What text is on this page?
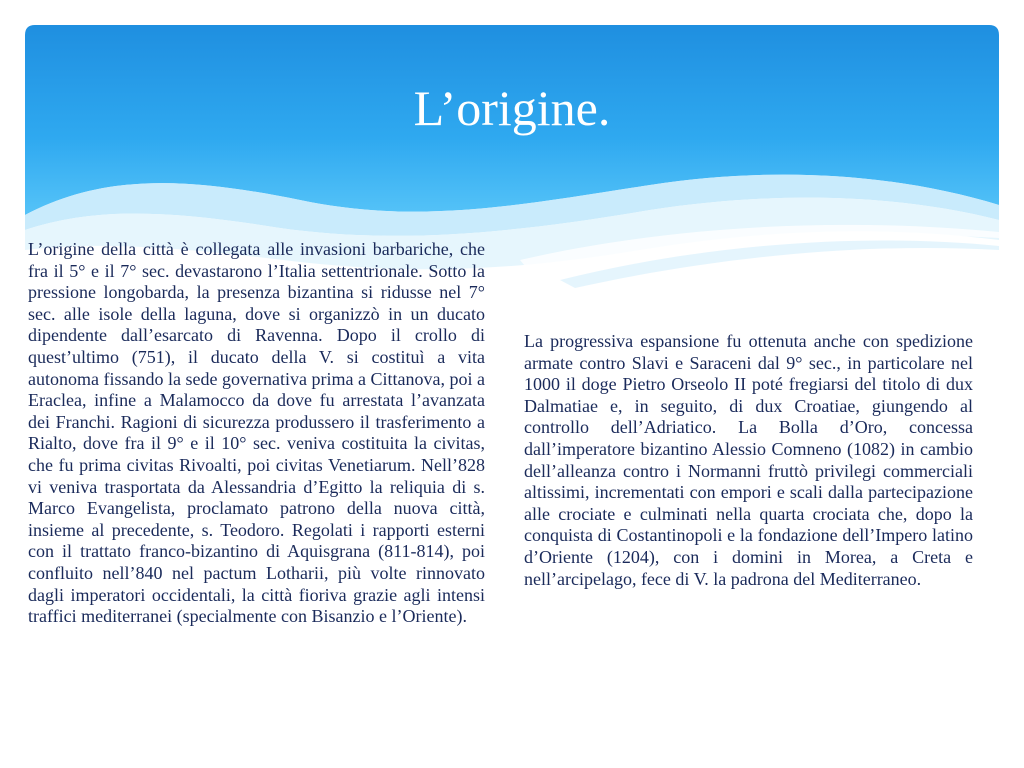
L’origine.

L’origine della città è collegata alle invasioni barbariche, che fra il 5° e il 7° sec. devastarono l’Italia settentrionale. Sotto la pressione longobarda, la presenza bizantina si ridusse nel 7° sec. alle isole della laguna, dove si organizzò in un ducato dipendente dall’esarcato di Ravenna. Dopo il crollo di quest’ultimo (751), il ducato della V. si costituì a vita autonoma fissando la sede governativa prima a Cittanova, poi a Eraclea, infine a Malamocco da dove fu arrestata l’avanzata dei Franchi. Ragioni di sicurezza produssero il trasferimento a Rialto, dove fra il 9° e il 10° sec. veniva costituita la civitas, che fu prima civitas Rivoalti, poi civitas Venetiarum. Nell’828 vi veniva trasportata da Alessandria d’Egitto la reliquia di s. Marco Evangelista, proclamato patrono della nuova città, insieme al precedente, s. Teodoro. Regolati i rapporti esterni con il trattato franco-bizantino di Aquisgrana (811-814), poi confluito nell’840 nel pactum Lotharii, più volte rinnovato dagli imperatori occidentali, la città fioriva grazie agli intensi traffici mediterranei (specialmente con Bisanzio e l’Oriente).

La progressiva espansione fu ottenuta anche con spedizione armate contro Slavi e Saraceni dal 9° sec., in particolare nel 1000 il doge Pietro Orseolo II poté fregiarsi del titolo di dux Dalmatiae e, in seguito, di dux Croatiae, giungendo al controllo dell’Adriatico. La Bolla d’Oro, concessa dall’imperatore bizantino Alessio Comneno (1082) in cambio dell’alleanza contro i Normanni fruttò privilegi commerciali altissimi, incrementati con empori e scali dalla partecipazione alle crociate e culminati nella quarta crociata che, dopo la conquista di Costantinopoli e la fondazione dell’Impero latino d’Oriente (1204), con i domini in Morea, a Creta e nell’arcipelago, fece di V. la padrona del Mediterraneo.
